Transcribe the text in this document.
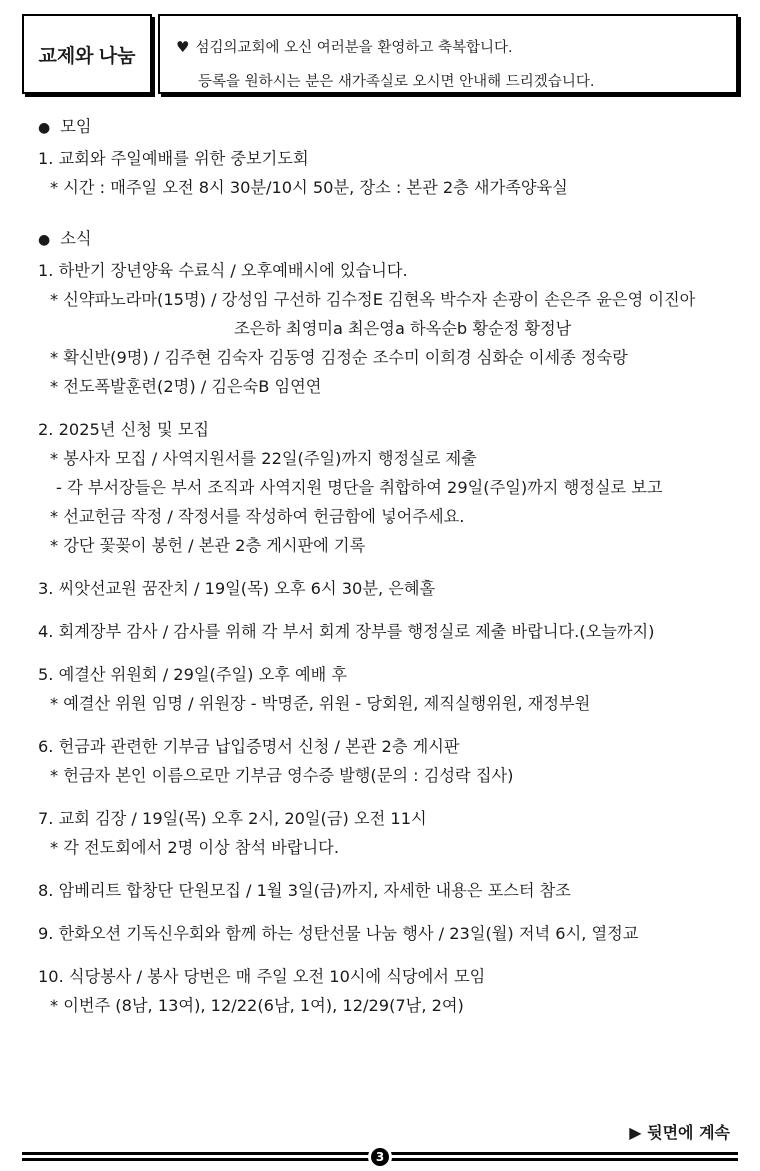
교제와 나눔	♥ 섬김의교회에 오신 여러분을 환영하고 축복합니다.
등록을 원하시는 분은 새가족실로 오시면 안내해 드리겠습니다.
● 모임
1. 교회와 주일예배를 위한 중보기도회
* 시간 : 매주일 오전 8시 30분/10시 50분, 장소 : 본관 2층 새가족양육실
● 소식
1. 하반기 장년양육 수료식 / 오후예배시에 있습니다.
* 신약파노라마(15명) / 강성임 구선하 김수정E 김현옥 박수자 손광이 손은주 윤은영 이진아
조은하 최영미a 최은영a 하옥순b 황순정 황정남
* 확신반(9명) / 김주현 김숙자 김동영 김정순 조수미 이희경 심화순 이세종 정숙랑
* 전도폭발훈련(2명) / 김은숙B 임연연
2. 2025년 신청 및 모집
* 봉사자 모집 / 사역지원서를 22일(주일)까지 행정실로 제출
- 각 부서장들은 부서 조직과 사역지원 명단을 취합하여 29일(주일)까지 행정실로 보고
* 선교헌금 작정 / 작정서를 작성하여 헌금함에 넣어주세요.
* 강단 꽃꽂이 봉헌 / 본관 2층 게시판에 기록
3. 씨앗선교원 꿈잔치 / 19일(목) 오후 6시 30분, 은혜홀
4. 회계장부 감사 / 감사를 위해 각 부서 회계 장부를 행정실로 제출 바랍니다.(오늘까지)
5. 예결산 위원회 / 29일(주일) 오후 예배 후
* 예결산 위원 임명 / 위원장 - 박명준, 위원 - 당회원, 제직실행위원, 재정부원
6. 헌금과 관련한 기부금 납입증명서 신청 / 본관 2층 게시판
* 헌금자 본인 이름으로만 기부금 영수증 발행(문의 : 김성락 집사)
7. 교회 김장 / 19일(목) 오후 2시, 20일(금) 오전 11시
* 각 전도회에서 2명 이상 참석 바랍니다.
8. 암베리트 합창단 단원모집 / 1월 3일(금)까지, 자세한 내용은 포스터 참조
9. 한화오션 기독신우회와 함께 하는 성탄선물 나눔 행사 / 23일(월) 저녁 6시, 열정교
10. 식당봉사 / 봉사 당번은 매 주일 오전 10시에 식당에서 모임
* 이번주 (8남, 13여), 12/22(6남, 1여), 12/29(7남, 2여)
▶ 뒷면에 계속
3
